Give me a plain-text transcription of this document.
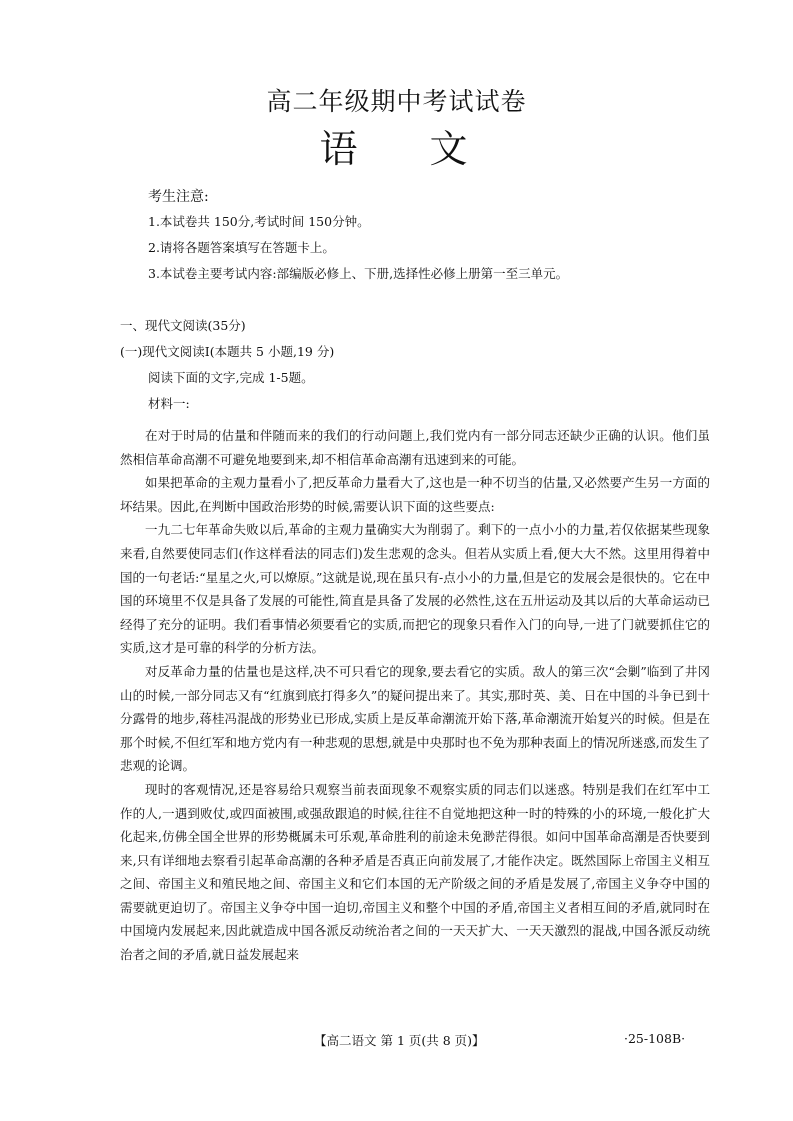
高二年级期中考试试卷
语 文
考生注意:
1.本试卷共 150分,考试时间 150分钟。
2.请将各题答案填写在答题卡上。
3.本试卷主要考试内容:部编版必修上、下册,选择性必修上册第一至三单元。
一、现代文阅读(35分)
(一)现代文阅读Ⅰ(本题共 5 小题,19 分)
阅读下面的文字,完成 1-5题。
材料一:

在对于时局的估量和伴随而来的我们的行动问题上,我们党内有一部分同志还缺少正确的认识。他们虽然相信革命高潮不可避免地要到来,却不相信革命高潮有迅速到来的可能。

如果把革命的主观力量看小了,把反革命力量看大了,这也是一种不切当的估量,又必然要产生另一方面的坏结果。因此,在判断中国政治形势的时候,需要认识下面的这些要点:

一九二七年革命失败以后,革命的主观力量确实大为削弱了。剩下的一点小小的力量,若仅依据某些现象来看,自然要使同志们(作这样看法的同志们)发生悲观的念头。但若从实质上看,便大大不然。这里用得着中国的一句老话:“星星之火,可以燎原。”这就是说,现在虽只有-点小小的力量,但是它的发展会是很快的。它在中国的环境里不仅是具备了发展的可能性,简直是具备了发展的必然性,这在五卅运动及其以后的大革命运动已经得了充分的证明。我们看事情必须要看它的实质,而把它的现象只看作入门的向导,一进了门就要抓住它的实质,这才是可靠的科学的分析方法。

对反革命力量的估量也是这样,决不可只看它的现象,要去看它的实质。敌人的第三次“会剿”临到了井冈山的时候,一部分同志又有“红旗到底打得多久”的疑问提出来了。其实,那时英、美、日在中国的斗争已到十分露骨的地步,蒋桂冯混战的形势业已形成,实质上是反革命潮流开始下落,革命潮流开始复兴的时候。但是在那个时候,不但红军和地方党内有一种悲观的思想,就是中央那时也不免为那种表面上的情况所迷惑,而发生了悲观的论调。

现时的客观情况,还是容易给只观察当前表面现象不观察实质的同志们以迷惑。特别是我们在红军中工作的人,一遇到败仗,或四面被围,或强敌跟追的时候,往往不自觉地把这种一时的特殊的小的环境,一般化扩大化起来,仿佛全国全世界的形势概属未可乐观,革命胜利的前途未免渺茫得很。如问中国革命高潮是否快要到来,只有详细地去察看引起革命高潮的各种矛盾是否真正向前发展了,才能作决定。既然国际上帝国主义相互之间、帝国主义和殖民地之间、帝国主义和它们本国的无产阶级之间的矛盾是发展了,帝国主义争夺中国的需要就更迫切了。帝国主义争夺中国一迫切,帝国主义和整个中国的矛盾,帝国主义者相互间的矛盾,就同时在中国境内发展起来,因此就造成中国各派反动统治者之间的一天天扩大、一天天激烈的混战,中国各派反动统治者之间的矛盾,就日益发展起来

【高二语文 第 1 页(共 8 页)】	·25-108B·
